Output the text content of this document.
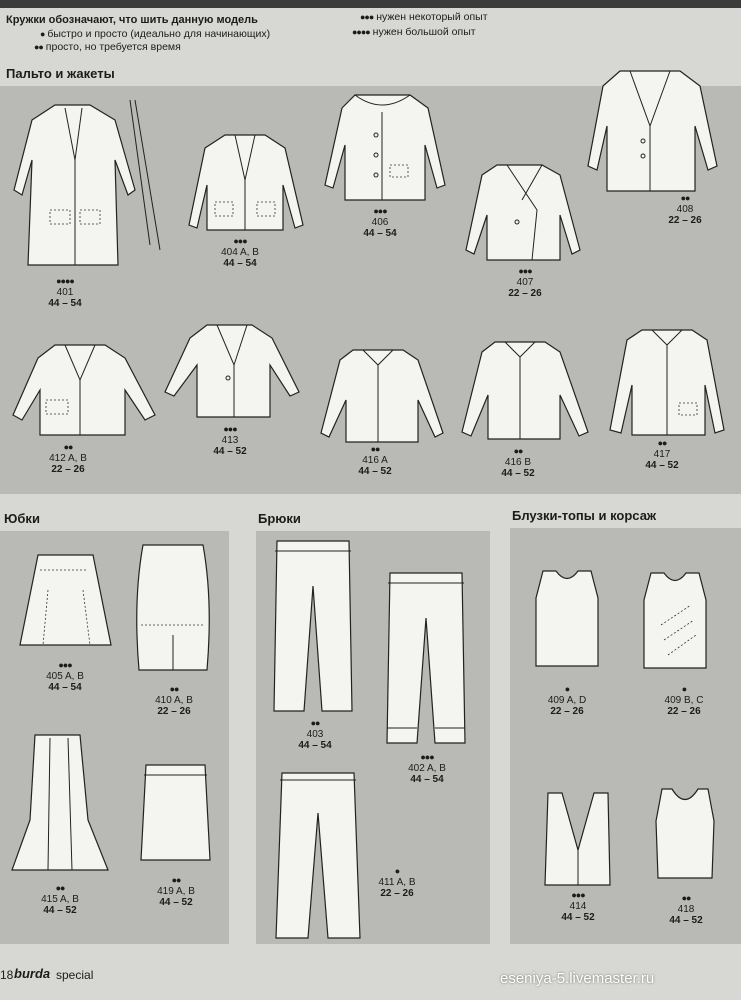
Кружки обозначают, что шить данную модель
● быстро и просто (идеально для начинающих)
●● просто, но требуется время
●●● нужен некоторый опыт
●●●● нужен большой опыт
Пальто и жакеты
●●●●
401
44 – 54
●●●
404 A, B
44 – 54
●●●
406
44 – 54
●●●
407
22 – 26
●●
408
22 – 26
●●
412 A, B
22 – 26
●●●
413
44 – 52	●●
416 A
44 – 52
●●
416 B
44 – 52
●●
417
44 – 52
Юбки
●●●
405 A, B
44 – 54	●●
410 A, B
22 – 26
●●
415 A, B
44 – 52
●●
419 A, B
44 – 52
Брюки
●●
403
44 – 54
●●●
402 A, B
44 – 54
●
411 A, B
22 – 26
Блузки-топы и корсаж
●
409 A, D
22 – 26
●
409 B, C
22 – 26
●●●
414
44 – 52
●●
418
44 – 52
18 burda special	eseniya-5.livemaster.ru
